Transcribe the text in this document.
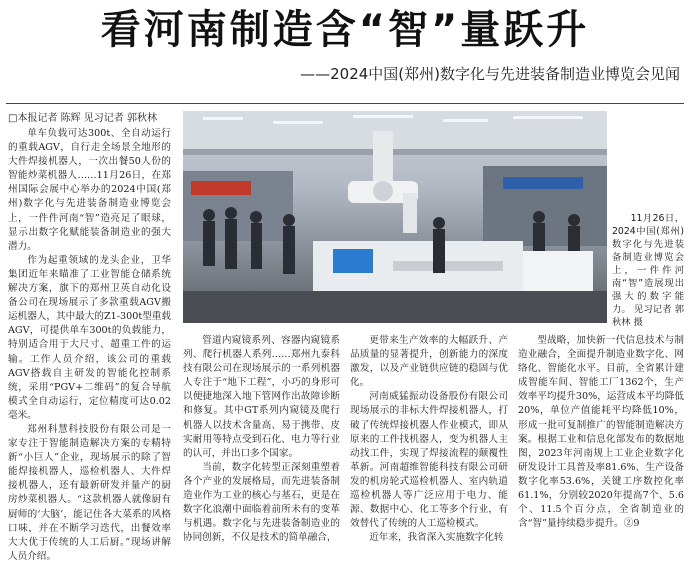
看河南制造含“智”量跃升
——2024中国(郑州)数字化与先进装备制造业博览会见闻
□本报记者 陈辉 见习记者 郭秋林

单车负载可达300t、全自动运行的重载AGV，自行走全场景全地形的大件焊接机器人，一次出餐50人份的智能炒菜机器人……11月26日，在郑州国际会展中心举办的2024中国(郑州)数字化与先进装备制造业博览会上，一件件河南“智”造亮足了眼球，显示出数字化赋能装备制造业的强大潜力。

作为起重领域的龙头企业，卫华集团近年来瞄准了工业智能仓储系统解决方案，旗下的郑州卫英自动化设备公司在现场展示了多款重载AGV搬运机器人，其中最大的Z1-300t型重载AGV，可提供单车300t的负载能力，特别适合用于大尺寸、超重工件的运输。工作人员介绍，该公司的重载AGV搭载自主研发的智能化控制系统，采用“PGV+二维码”的复合导航模式全自动运行，定位精度可达0.02毫米。

郑州科慧科技股份有限公司是一家专注于智能制造解决方案的专精特新“小巨人”企业，现场展示的除了智能焊接机器人，巡检机器人、大件焊接机器人，还有最新研发并量产的厨房炒菜机器人。“这款机器人就像厨有厨师的‘大脑’，能记住各大菜系的风格口味，并在不断学习迭代，出餐效率大大优于传统的人工后厨。”现场讲解人员介绍。

11月26日，2024中国(郑州)数字化与先进装备制造业博览会上，一件件河南“智”造展现出强大的数字能力。 见习记者 郭秋林 摄

管道内窥镜系列、容器内窥镜系列、爬行机器人系列……郑州九泰科技有限公司在现场展示的一系列机器人专注于“地下工程”，小巧的身形可以便捷地深入地下管网作出故障诊断和修复。其中GT系列内窥镜及爬行机器人以技术含量高、易于携带、皮实耐用等特点受到石化、电力等行业的认可，并出口多个国家。

当前，数字化转型正深刻重塑着各个产业的发展格局，而先进装备制造业作为工业的核心与基石，更是在数字化浪潮中面临着前所未有的变革与机遇。数字化与先进装备制造业的协同创新，不仅是技术的简单融合，

更带来生产效率的大幅跃升、产品质量的显著提升，创新能力的深度激发，以及产业链供应链的稳固与优化。

河南威猛振动设备股份有限公司现场展示的非标大件焊接机器人，打破了传统焊接机器人作业模式，即从原来的工件找机器人，变为机器人主动找工件，实现了焊接流程的颠覆性革新。河南超维智能科技有限公司研发的机房轮式巡检机器人、室内轨道巡检机器人等广泛应用于电力、能源、数据中心、化工等多个行业，有效替代了传统的人工巡检模式。

近年来，我省深入实施数字化转

型战略，加快新一代信息技术与制造业融合，全面提升制造业数字化、网络化、智能化水平。目前，全省累计建成智能车间、智能工厂1362个，生产效率平均提升30%，运营成本平均降低20%，单位产值能耗平均降低10%，形成一批可复制推广的智能制造解决方案。根据工业和信息化部发布的数据地图，2023年河南规上工业企业数字化研发设计工具普及率81.6%、生产设备数字化率53.6%，关键工序数控化率61.1%，分别较2020年提高7个、5.6个、11.5个百分点，全省制造业的含“智”量持续稳步提升。②9
